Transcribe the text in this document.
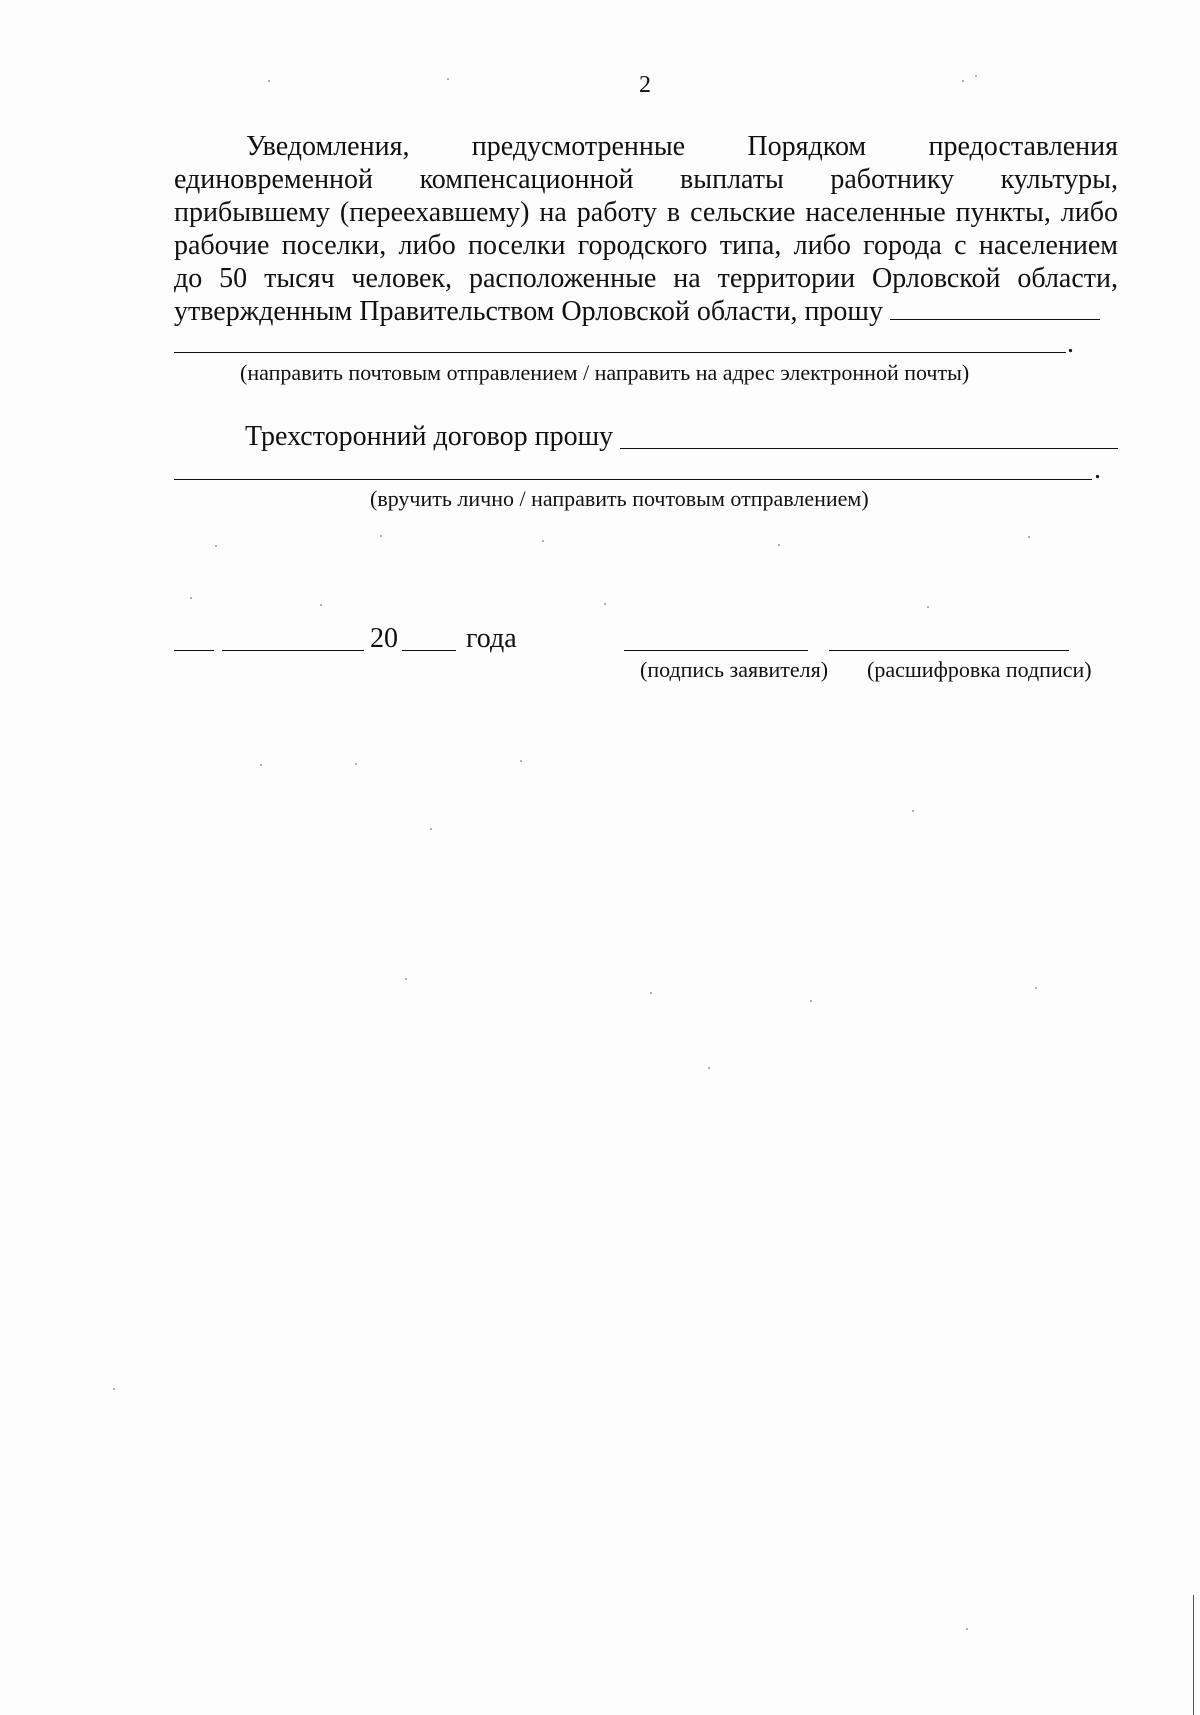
2
Уведомления, предусмотренные Порядком предоставления
единовременной компенсационной выплаты работнику культуры,
прибывшему (переехавшему) на работу в сельские населенные пункты, либо
рабочие поселки, либо поселки городского типа, либо города с населением
до 50 тысяч человек, расположенные на территории Орловской области,
утвержденным Правительством Орловской области, прошу
.
(направить почтовым отправлением / направить на адрес электронной почты)
Трехсторонний договор прошу
.
(вручить лично / направить почтовым отправлением)
20 года
(подпись заявителя) (расшифровка подписи)
